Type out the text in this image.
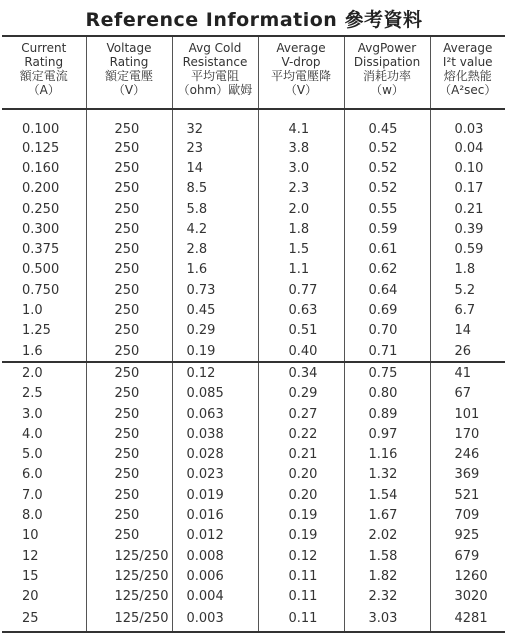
Reference Information 參考資料
Current
Rating
額定電流
（A）	Voltage
Rating
額定電壓
（V）	Avg Cold
Resistance
平均電阻
（ohm）歐姆	Average
V-drop
平均電壓降
（V）	AvgPower
Dissipation
消耗功率
（w）	Average
I²t value
熔化熱能
（A²sec）

0.100	250	32	4.1	0.45	0.03
0.125	250	23	3.8	0.52	0.04
0.160	250	14	3.0	0.52	0.10
0.200	250	8.5	2.3	0.52	0.17
0.250	250	5.8	2.0	0.55	0.21
0.300	250	4.2	1.8	0.59	0.39
0.375	250	2.8	1.5	0.61	0.59
0.500	250	1.6	1.1	0.62	1.8
0.750	250	0.73	0.77	0.64	5.2
1.0	250	0.45	0.63	0.69	6.7
1.25	250	0.29	0.51	0.70	14
1.6	250	0.19	0.40	0.71	26
2.0	250	0.12	0.34	0.75	41
2.5	250	0.085	0.29	0.80	67
3.0	250	0.063	0.27	0.89	101
4.0	250	0.038	0.22	0.97	170
5.0	250	0.028	0.21	1.16	246
6.0	250	0.023	0.20	1.32	369
7.0	250	0.019	0.20	1.54	521
8.0	250	0.016	0.19	1.67	709
10	250	0.012	0.19	2.02	925
12	125/250	0.008	0.12	1.58	679
15	125/250	0.006	0.11	1.82	1260
20	125/250	0.004	0.11	2.32	3020
25	125/250	0.003	0.11	3.03	4281
